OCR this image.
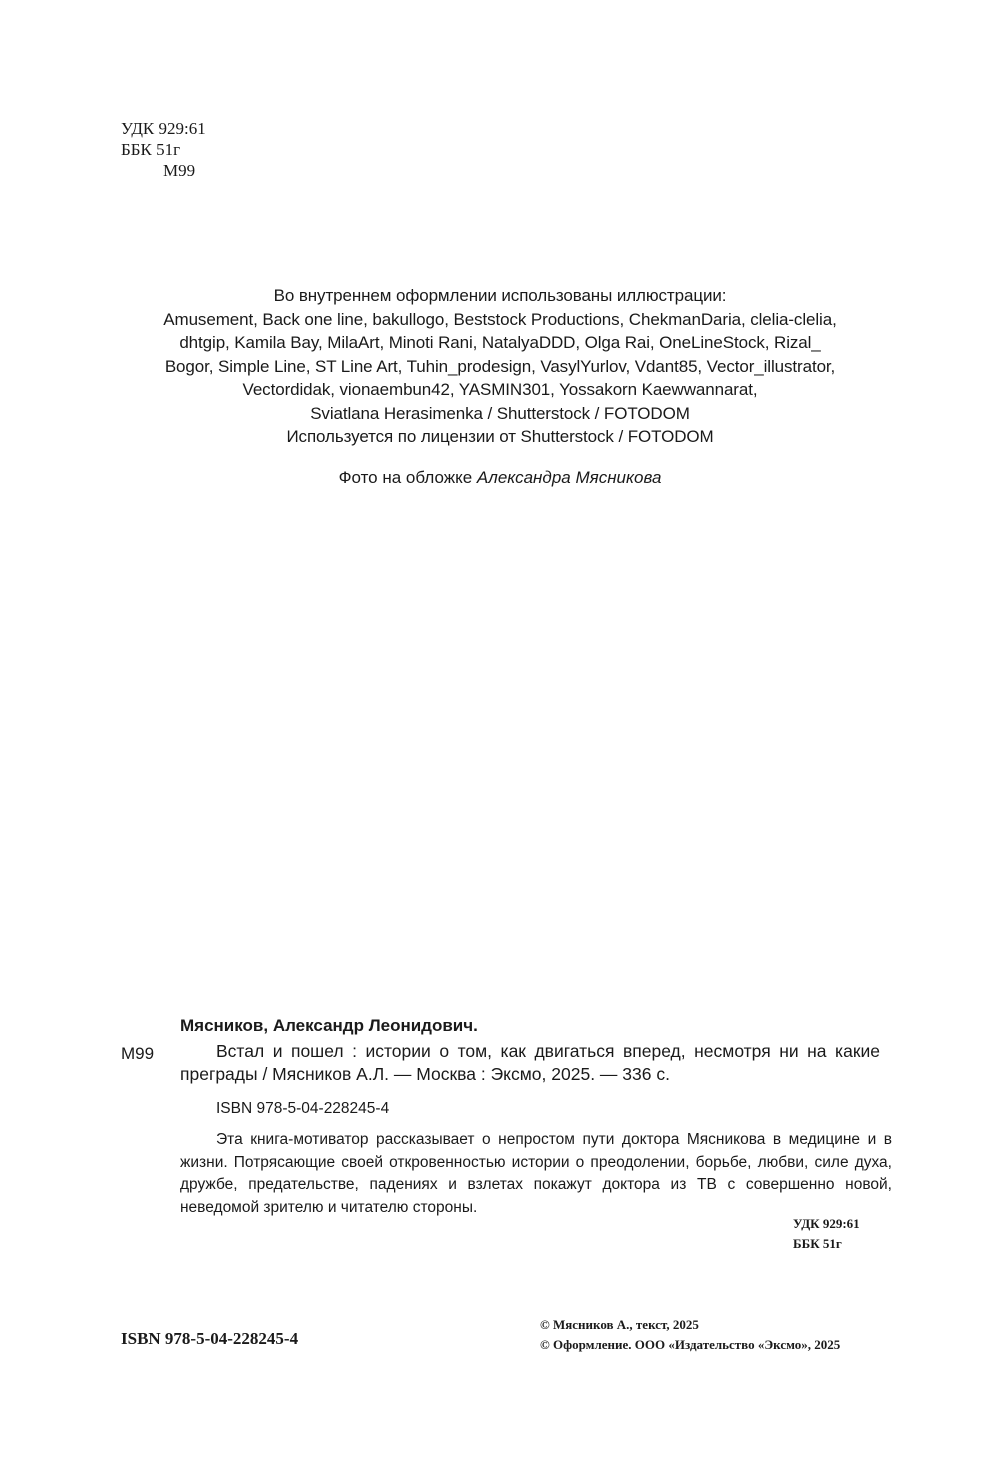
УДК 929:61
ББК 51г
М99
Во внутреннем оформлении использованы иллюстрации:
Amusement, Back one line, bakullogo, Beststock Productions, ChekmanDaria, clelia-clelia,
dhtgip, Kamila Bay, MilaArt, Minoti Rani, NatalyaDDD, Olga Rai, OneLineStock, Rizal_
Bogor, Simple Line, ST Line Art, Tuhin_prodesign, VasylYurlov, Vdant85, Vector_illustrator,
Vectordidak, vionaembun42, YASMIN301, Yossakorn Kaewwannarat,
Sviatlana Herasimenka / Shutterstock / FOTODOM
Используется по лицензии от Shutterstock / FOTODOM
Фото на обложке Александра Мясникова
Мясников, Александр Леонидович.
М99	Встал и пошел : истории о том, как двигаться вперед, несмотря ни на какие преграды / Мясников А.Л. — Москва : Эксмо, 2025. — 336 с.
ISBN 978-5-04-228245-4
Эта книга-мотиватор рассказывает о непростом пути доктора Мясникова в медицине и в жизни. Потрясающие своей откровенностью истории о преодолении, борьбе, любви, силе духа, дружбе, предательстве, падениях и взлетах покажут доктора из ТВ с совершенно новой, неведомой зрителю и читателю стороны.
УДК 929:61
ББК 51г
ISBN 978-5-04-228245-4
© Мясников А., текст, 2025
© Оформление. ООО «Издательство «Эксмо», 2025
